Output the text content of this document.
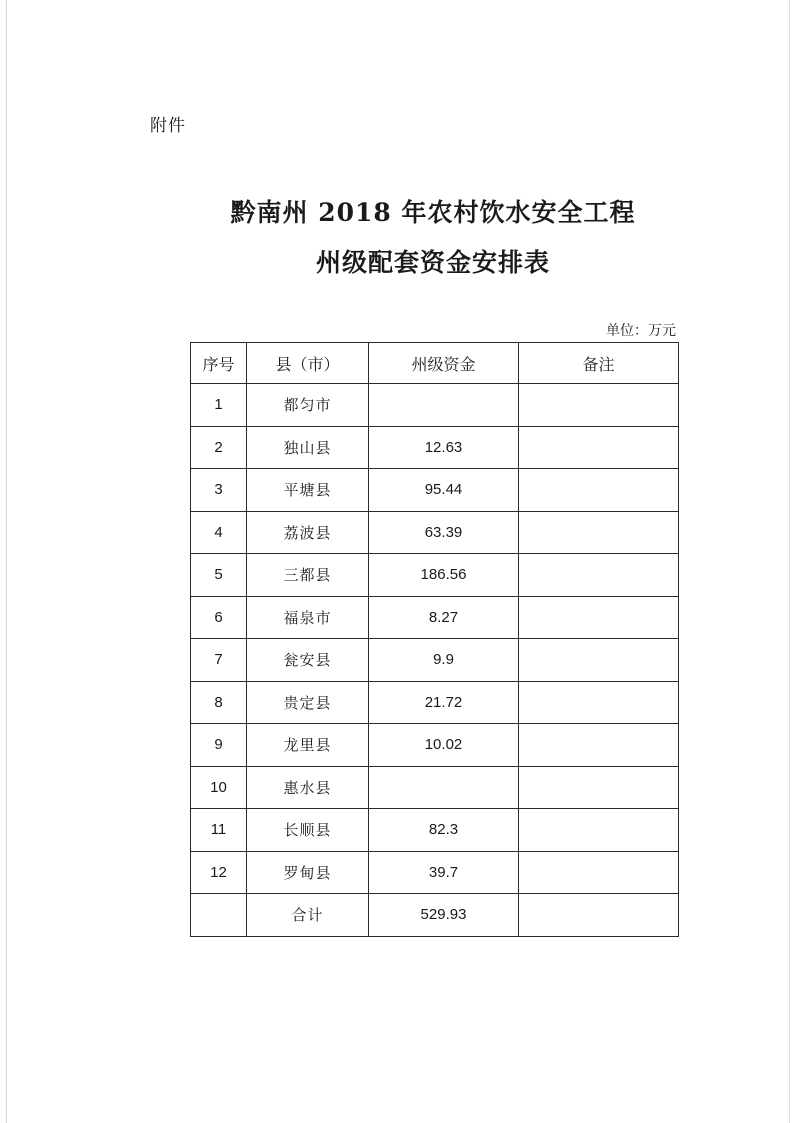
附件
黔南州 2018 年农村饮水安全工程
州级配套资金安排表
单位：万元
序号	县（市）	州级资金	备注
1	都匀市		
2	独山县	12.63	
3	平塘县	95.44	
4	荔波县	63.39	
5	三都县	186.56	
6	福泉市	8.27	
7	瓮安县	9.9	
8	贵定县	21.72	
9	龙里县	10.02	
10	惠水县		
11	长顺县	82.3	
12	罗甸县	39.7	
	合计	529.93	
